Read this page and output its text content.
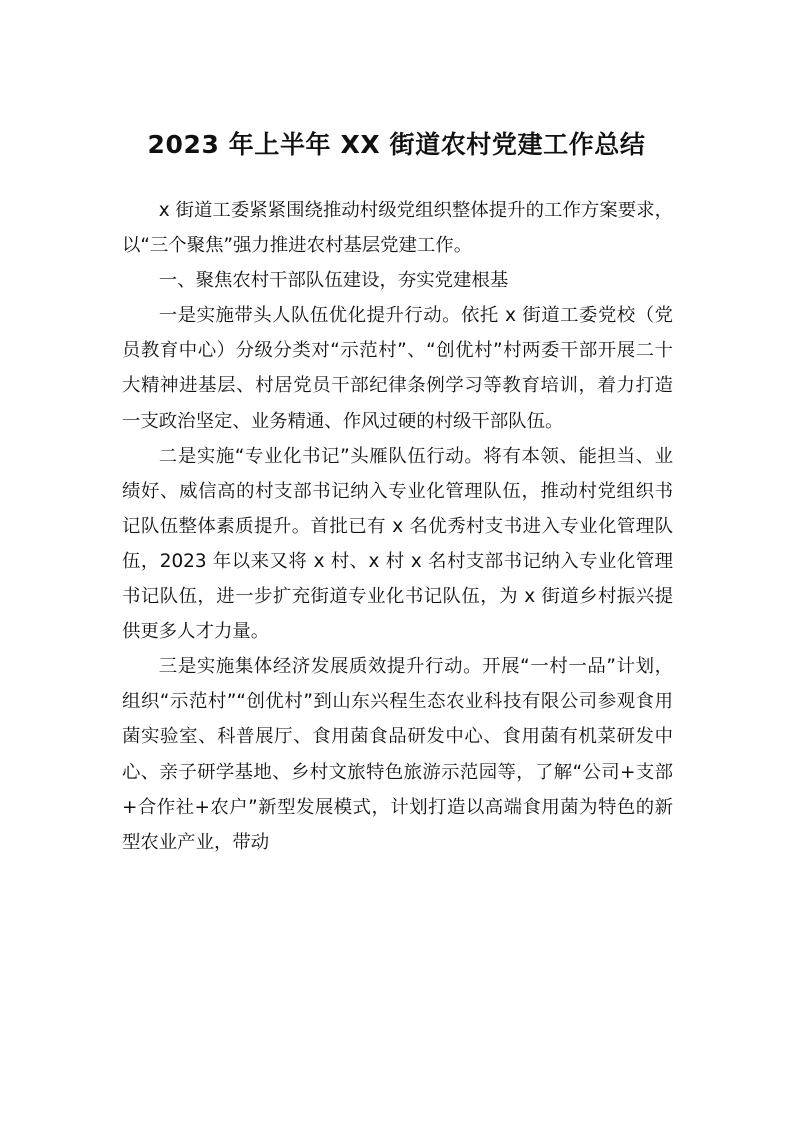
2023 年上半年 XX 街道农村党建工作总结

x 街道工委紧紧围绕推动村级党组织整体提升的工作方案要求，以“三个聚焦”强力推进农村基层党建工作。

一、聚焦农村干部队伍建设，夯实党建根基

一是实施带头人队伍优化提升行动。依托 x 街道工委党校（党员教育中心）分级分类对“示范村”、“创优村”村两委干部开展二十大精神进基层、村居党员干部纪律条例学习等教育培训，着力打造一支政治坚定、业务精通、作风过硬的村级干部队伍。

二是实施“专业化书记”头雁队伍行动。将有本领、能担当、业绩好、威信高的村支部书记纳入专业化管理队伍，推动村党组织书记队伍整体素质提升。首批已有 x 名优秀村支书进入专业化管理队伍，2023 年以来又将 x 村、x 村 x 名村支部书记纳入专业化管理书记队伍，进一步扩充街道专业化书记队伍，为 x 街道乡村振兴提供更多人才力量。

三是实施集体经济发展质效提升行动。开展“一村一品”计划，组织“示范村”“创优村”到山东兴程生态农业科技有限公司参观食用菌实验室、科普展厅、食用菌食品研发中心、食用菌有机菜研发中心、亲子研学基地、乡村文旅特色旅游示范园等，了解“公司+支部+合作社+农户”新型发展模式，计划打造以高端食用菌为特色的新型农业产业，带动
